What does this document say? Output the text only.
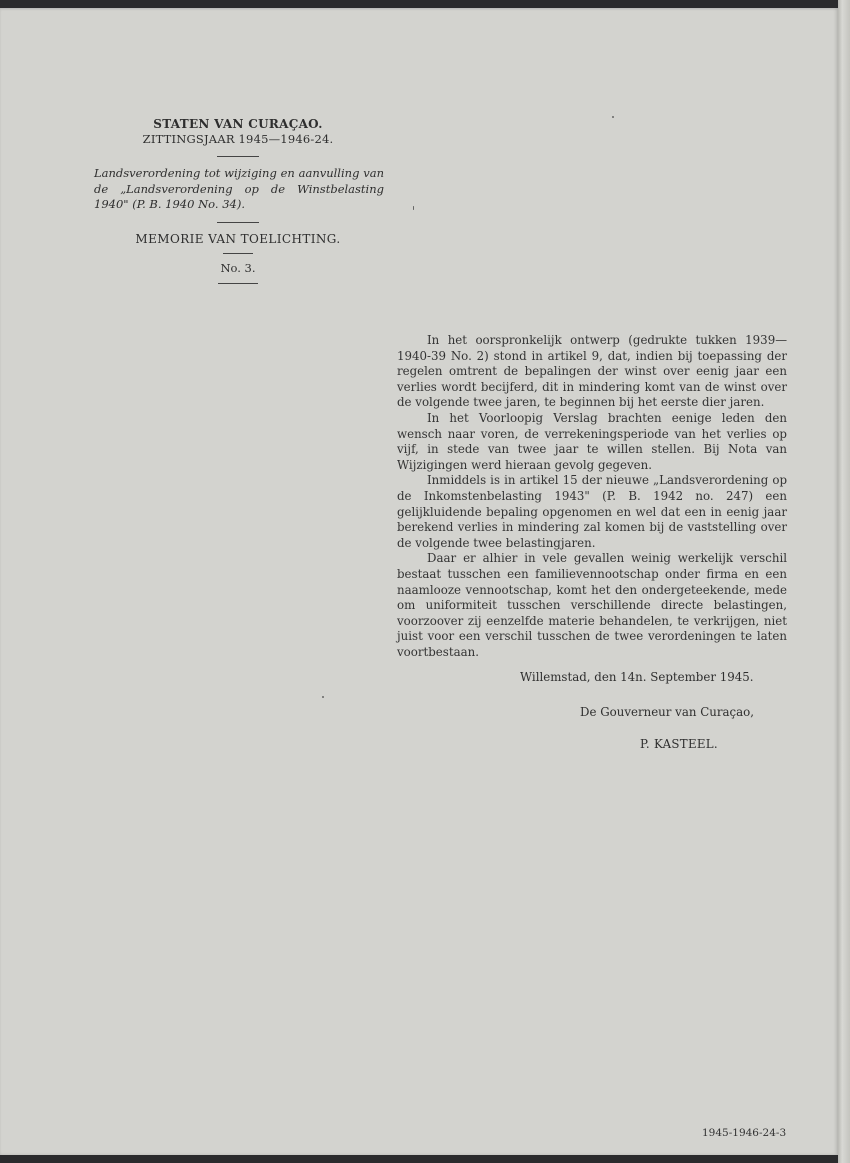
STATEN VAN CURAÇAO.
ZITTINGSJAAR 1945—1946-24.
Landsverordening tot wijziging en aanvulling van de „Landsverordening op de Winstbelasting 1940" (P. B. 1940 No. 34).
MEMORIE VAN TOELICHTING.
No. 3.

In het oorspronkelijk ontwerp (gedrukte tukken 1939—1940-39 No. 2) stond in artikel 9, dat, indien bij toepassing der regelen omtrent de bepalingen der winst over eenig jaar een verlies wordt becijferd, dit in mindering komt van de winst over de volgende twee jaren, te beginnen bij het eerste dier jaren.

In het Voorloopig Verslag brachten eenige leden den wensch naar voren, de verrekeningsperiode van het verlies op vijf, in stede van twee jaar te willen stellen. Bij Nota van Wijzigingen werd hieraan gevolg gegeven.

Inmiddels is in artikel 15 der nieuwe „Landsverordening op de Inkomstenbelasting 1943" (P. B. 1942 no. 247) een gelijkluidende bepaling opgenomen en wel dat een in eenig jaar berekend verlies in mindering zal komen bij de vaststelling over de volgende twee belastingjaren.

Daar er alhier in vele gevallen weinig werkelijk verschil bestaat tusschen een familievennootschap onder firma en een naamlooze vennootschap, komt het den ondergeteekende, mede om uniformiteit tusschen verschillende directe belastingen, voorzoover zij eenzelfde materie behandelen, te verkrijgen, niet juist voor een verschil tusschen de twee verordeningen te laten voortbestaan.

Willemstad, den 14n. September 1945.
De Gouverneur van Curaçao,
P. KASTEEL.
1945-1946-24-3
